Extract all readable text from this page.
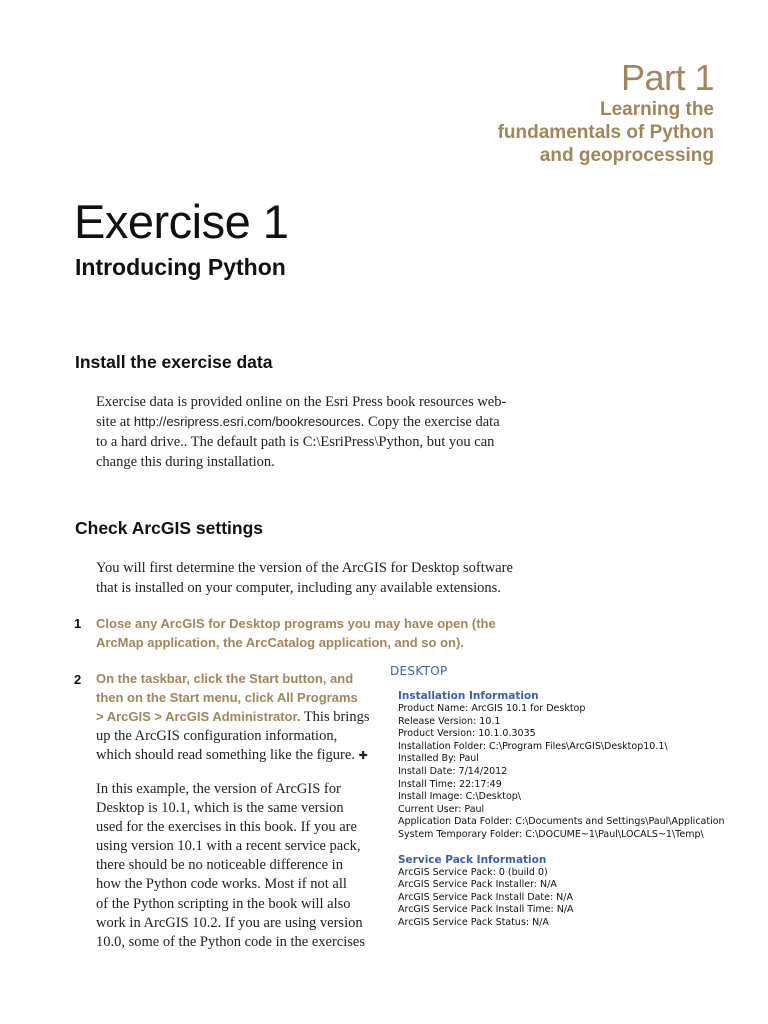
Part 1
Learning the
fundamentals of Python
and geoprocessing
Exercise 1
Introducing Python
Install the exercise data
Exercise data is provided online on the Esri Press book resources web-
site at http://esripress.esri.com/bookresources. Copy the exercise data
to a hard drive.. The default path is C:\EsriPress\Python, but you can
change this during installation.
Check ArcGIS settings
You will first determine the version of the ArcGIS for Desktop software
that is installed on your computer, including any available extensions.
1 Close any ArcGIS for Desktop programs you may have open (the
ArcMap application, the ArcCatalog application, and so on).
2 On the taskbar, click the Start button, and
then on the Start menu, click All Programs
> ArcGIS > ArcGIS Administrator. This brings
up the ArcGIS configuration information,
which should read something like the figure. ✚
In this example, the version of ArcGIS for
Desktop is 10.1, which is the same version
used for the exercises in this book. If you are
using version 10.1 with a recent service pack,
there should be no noticeable difference in
how the Python code works. Most if not all
of the Python scripting in the book will also
work in ArcGIS 10.2. If you are using version
10.0, some of the Python code in the exercises
DESKTOP
Installation Information
Product Name: ArcGIS 10.1 for Desktop
Release Version: 10.1
Product Version: 10.1.0.3035
Installation Folder: C:\Program Files\ArcGIS\Desktop10.1\
Installed By: Paul
Install Date: 7/14/2012
Install Time: 22:17:49
Install Image: C:\Desktop\
Current User: Paul
Application Data Folder: C:\Documents and Settings\Paul\Application
System Temporary Folder: C:\DOCUME~1\Paul\LOCALS~1\Temp\
Service Pack Information
ArcGIS Service Pack: 0 (build 0)
ArcGIS Service Pack Installer: N/A
ArcGIS Service Pack Install Date: N/A
ArcGIS Service Pack Install Time: N/A
ArcGIS Service Pack Status: N/A
